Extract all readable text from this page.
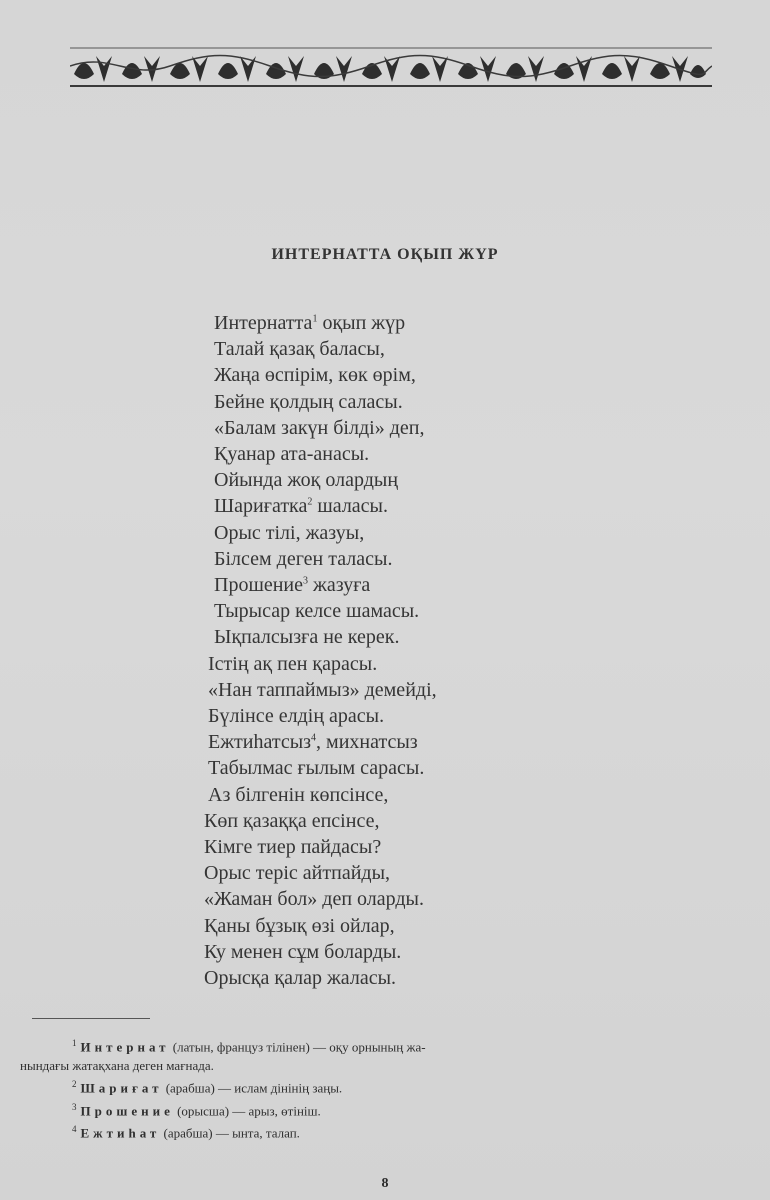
ИНТЕРНАТТА ОҚЫП ЖҮР
Интернатта$^1$ оқып жүр
Талай қазақ баласы,
Жаңа өспірім, көк өрім,
Бейне қолдың саласы.
«Балам закүн білді» деп,
Қуанар ата-анасы.
Ойында жоқ олардың
Шариғатка$^2$ шаласы.
Орыс тілі, жазуы,
Білсем деген таласы.
Прошение$^3$ жазуға
Тырысар келсе шамасы.
Ықпалсызға не керек.
Істің ақ пен қарасы.
«Нан таппаймыз» демейді,
Бүлінсе елдің арасы.
Ежтиһатсыз$^4$, михнатсыз
Табылмас ғылым сарасы.
Аз білгенін көпсінсе,
Көп қазаққа епсінсе,
Кімге тиер пайдасы?
Орыс теріс айтпайды,
«Жаман бол» деп оларды.
Қаны бұзық өзі ойлар,
Ку менен сұм боларды.
Орысқа қалар жаласы.
$^1$ Интернат (латын, француз тілінен) — оқу орнының жа-
нындағы жатақхана деген мағнада.
$^2$ Шариғат (арабша) — ислам дінінің заңы.
$^3$ Прошение (орысша) — арыз, өтініш.
$^4$ Ежтиһат (арабша) — ынта, талап.
8
